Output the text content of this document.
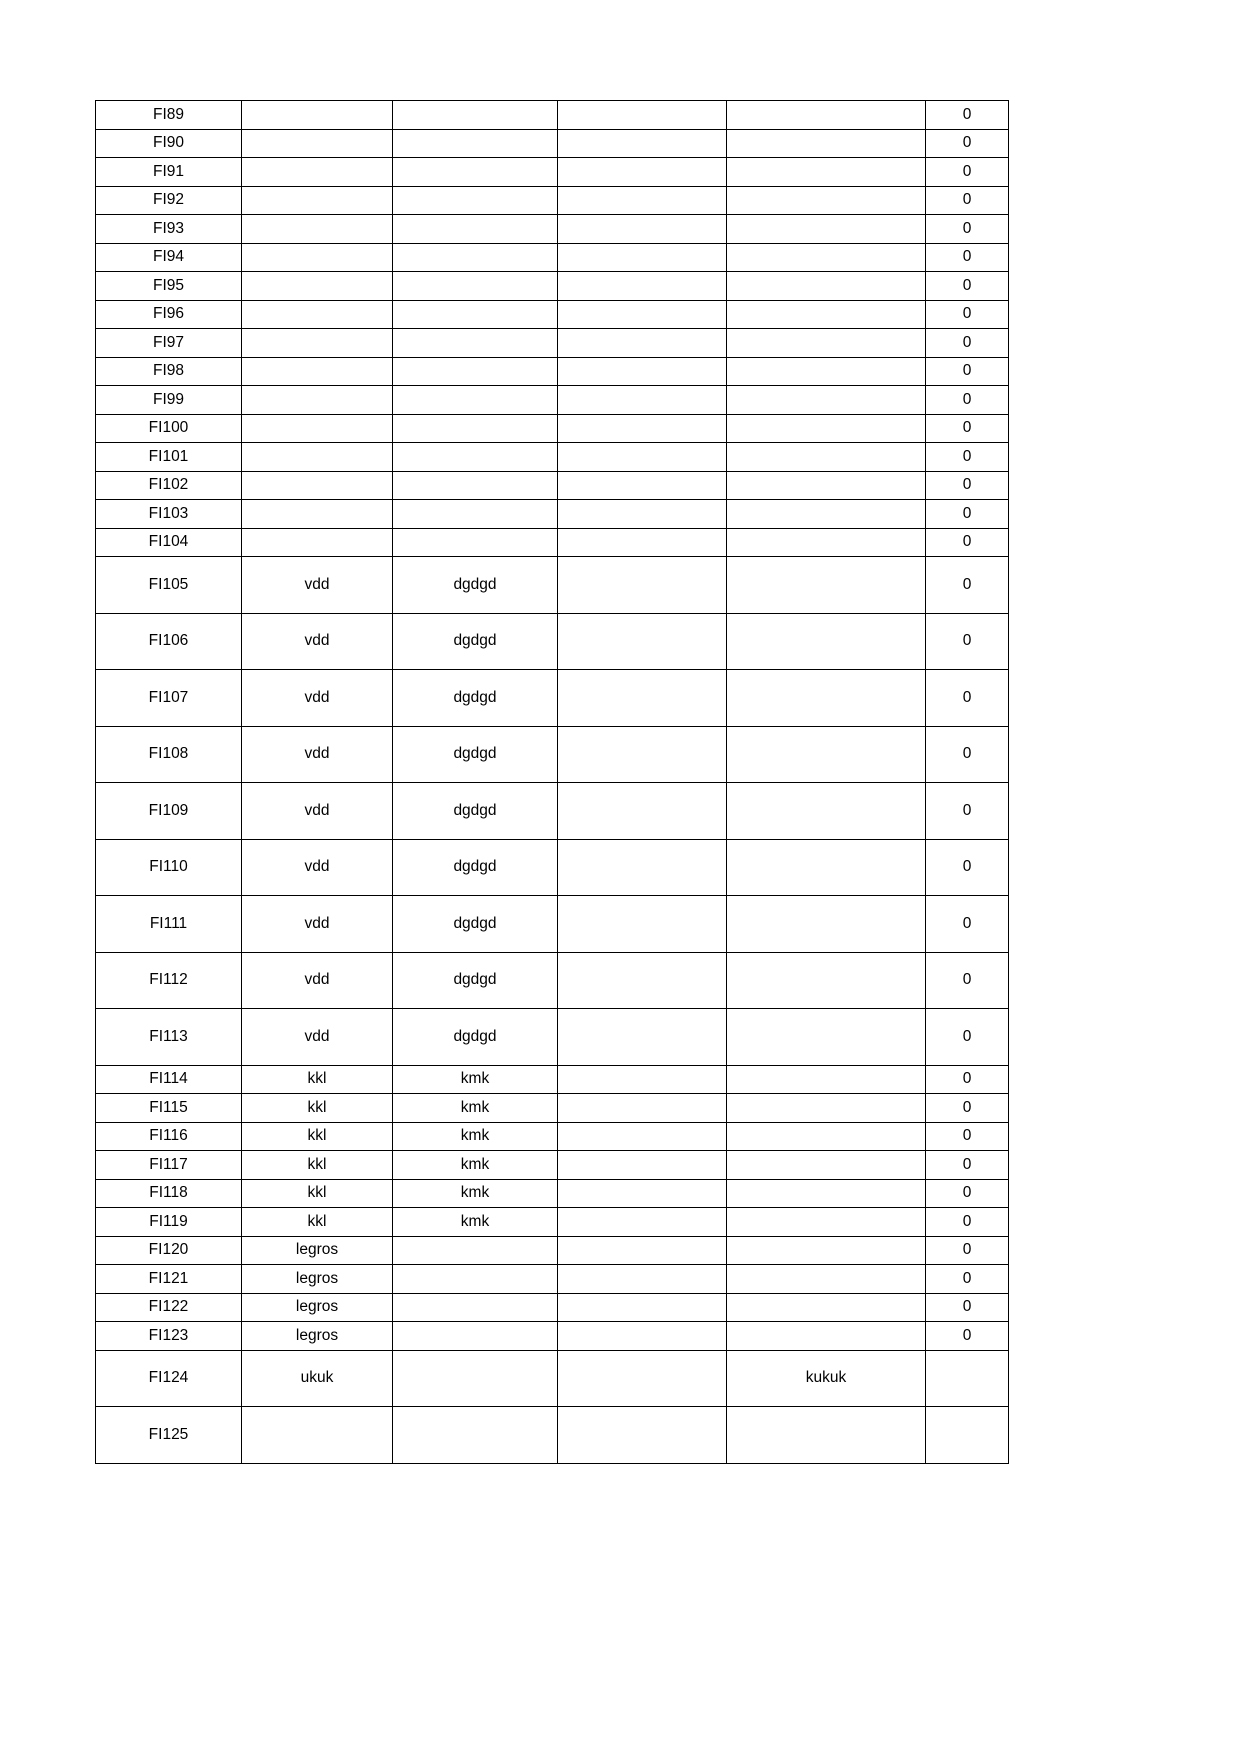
FI89					0

FI90					0

FI91					0

FI92					0

FI93					0

FI94					0

FI95					0

FI96					0

FI97					0

FI98					0

FI99					0

FI100					0

FI101					0

FI102					0

FI103					0

FI104					0

FI105	vdd	dgdgd			0

FI106	vdd	dgdgd			0

FI107	vdd	dgdgd			0

FI108	vdd	dgdgd			0

FI109	vdd	dgdgd			0

FI110	vdd	dgdgd			0

FI111	vdd	dgdgd			0

FI112	vdd	dgdgd			0

FI113	vdd	dgdgd			0

FI114	kkl	kmk			0

FI115	kkl	kmk			0

FI116	kkl	kmk			0

FI117	kkl	kmk			0

FI118	kkl	kmk			0

FI119	kkl	kmk			0

FI120	legros				0

FI121	legros				0

FI122	legros				0

FI123	legros				0

FI124	ukuk			kukuk	

FI125					
